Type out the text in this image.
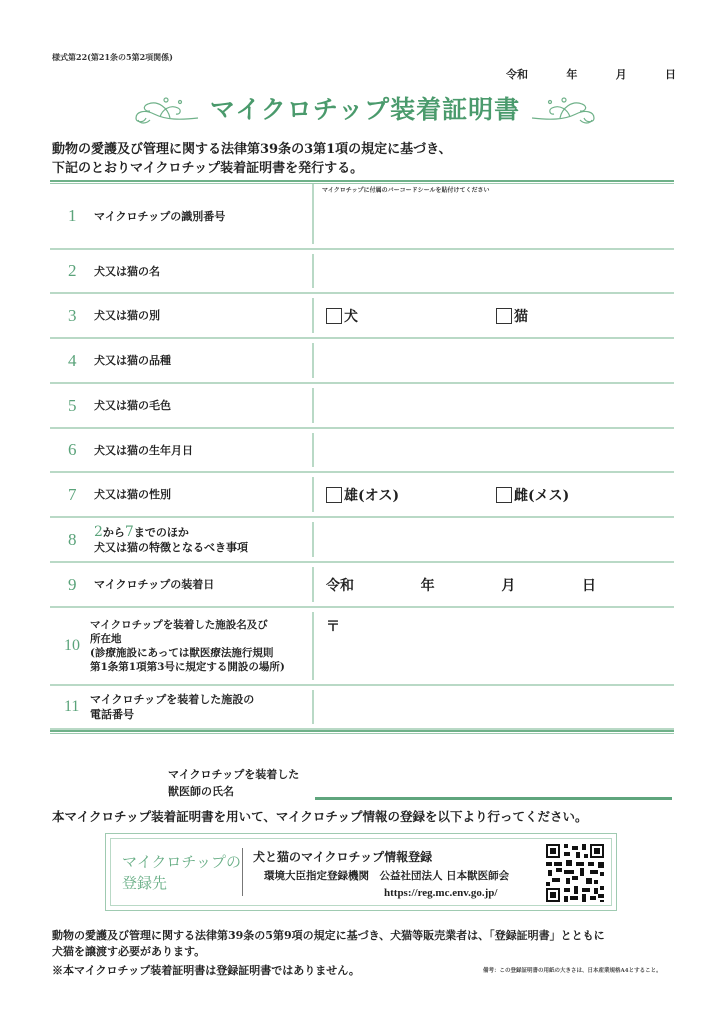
様式第22(第21条の5第2項関係)
令和	年	月	日
マイクロチップ装着証明書
動物の愛護及び管理に関する法律第39条の3第1項の規定に基づき、
下記のとおりマイクロチップ装着証明書を発行する。
1	マイクロチップの識別番号
マイクロチップに付属のバーコードシールを貼付けてください
2	犬又は猫の名
3	犬又は猫の別	犬	猫
4	犬又は猫の品種
5	犬又は猫の毛色
6	犬又は猫の生年月日
7	犬又は猫の性別	雄(オス)	雌(メス)
8	2から7までのほか
犬又は猫の特徴となるべき事項
9	マイクロチップの装着日	令和	年	月	日
10
マイクロチップを装着した施設名及び
所在地
(診療施設にあっては獣医療法施行規則
第1条第1項第3号に規定する開設の場所)
〒
11 マイクロチップを装着した施設の
電話番号
マイクロチップを装着した
獣医師の氏名
本マイクロチップ装着証明書を用いて、マイクロチップ情報の登録を以下より行ってください。
マイクロチップの
登録先
犬と猫のマイクロチップ情報登録
環境大臣指定登録機関　公益社団法人 日本獣医師会
https://reg.mc.env.go.jp/
動物の愛護及び管理に関する法律第39条の5第9項の規定に基づき、犬猫等販売業者は、「登録証明書」とともに
犬猫を譲渡す必要があります。
※本マイクロチップ装着証明書は登録証明書ではありません。	備考：この登録証明書の用紙の大きさは、日本産業規格A4とすること。
